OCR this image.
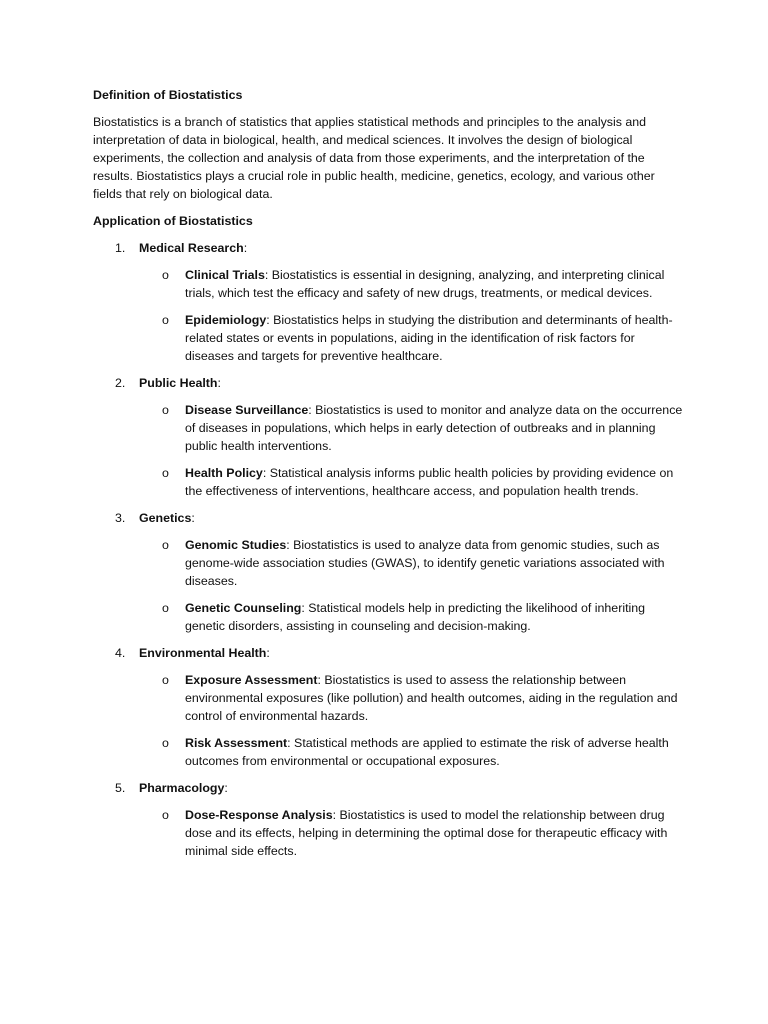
Definition of Biostatistics
Biostatistics is a branch of statistics that applies statistical methods and principles to the analysis and interpretation of data in biological, health, and medical sciences. It involves the design of biological experiments, the collection and analysis of data from those experiments, and the interpretation of the results. Biostatistics plays a crucial role in public health, medicine, genetics, ecology, and various other fields that rely on biological data.
Application of Biostatistics
1. Medical Research:
o Clinical Trials: Biostatistics is essential in designing, analyzing, and interpreting clinical trials, which test the efficacy and safety of new drugs, treatments, or medical devices.
o Epidemiology: Biostatistics helps in studying the distribution and determinants of health-related states or events in populations, aiding in the identification of risk factors for diseases and targets for preventive healthcare.
2. Public Health:
o Disease Surveillance: Biostatistics is used to monitor and analyze data on the occurrence of diseases in populations, which helps in early detection of outbreaks and in planning public health interventions.
o Health Policy: Statistical analysis informs public health policies by providing evidence on the effectiveness of interventions, healthcare access, and population health trends.
3. Genetics:
o Genomic Studies: Biostatistics is used to analyze data from genomic studies, such as genome-wide association studies (GWAS), to identify genetic variations associated with diseases.
o Genetic Counseling: Statistical models help in predicting the likelihood of inheriting genetic disorders, assisting in counseling and decision-making.
4. Environmental Health:
o Exposure Assessment: Biostatistics is used to assess the relationship between environmental exposures (like pollution) and health outcomes, aiding in the regulation and control of environmental hazards.
o Risk Assessment: Statistical methods are applied to estimate the risk of adverse health outcomes from environmental or occupational exposures.
5. Pharmacology:
o Dose-Response Analysis: Biostatistics is used to model the relationship between drug dose and its effects, helping in determining the optimal dose for therapeutic efficacy with minimal side effects.
